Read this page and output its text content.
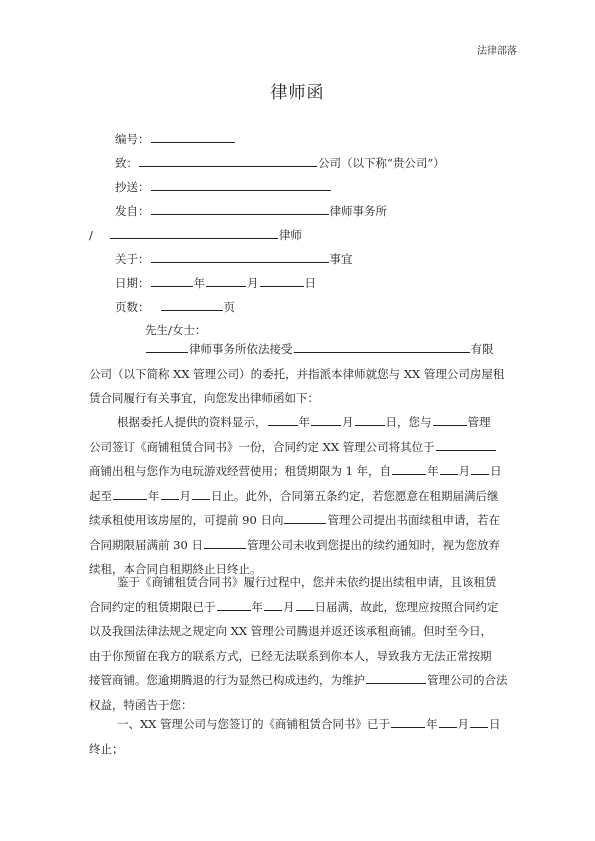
法律部落
律师函
编号：
致：	公司（以下称“贵公司”）
抄送：
发自：	律师事务所
/	律师
关于：	事宜
日期：	年	月	日
页数：	页
先生/女士：
律师事务所依法接受	有限
公司（以下简称 XX 管理公司）的委托，并指派本律师就您与 XX 管理公司房屋租
赁合同履行有关事宜，向您发出律师函如下：
根据委托人提供的资料显示，	年	月	日，您与	管理
公司签订《商铺租赁合同书》一份，合同约定 XX 管理公司将其位于
商铺出租与您作为电玩游戏经营使用；租赁期限为 1 年，自	年 月 日
起至	年 月 日止。此外，合同第五条约定，若您愿意在租期届满后继
续承租使用该房屋的，可提前 90 日向	管理公司提出书面续租申请，若在
合同期限届满前 30 日	管理公司未收到您提出的续约通知时，视为您放弃
续租，本合同自租期終止日终止。
鉴于《商铺租赁合同书》履行过程中，您并未依约提出续租申请，且该租赁
合同约定的租赁期限已于	年 月 日届满，故此，您理应按照合同约定
以及我国法律法规之规定向 XX 管理公司腾退并返还该承租商铺。但时至今日，
由于你预留在我方的联系方式，已经无法联系到你本人，导致我方无法正常按期
接管商铺。您逾期腾退的行为显然已构成违约，为维护	管理公司的合法
权益，特函告于您：
一、XX 管理公司与您签订的《商铺租赁合同书》已于	年 月 日
终止；
